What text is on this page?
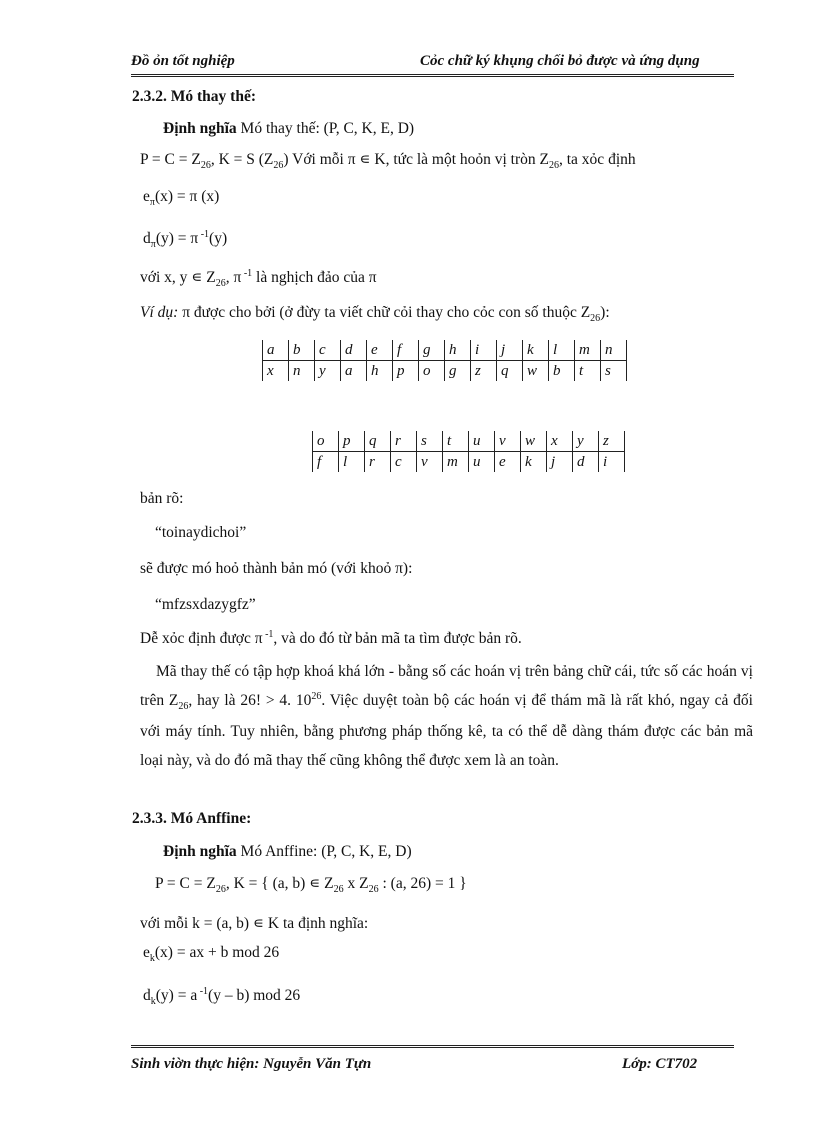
Đồ ỏn tốt nghiệp	Cỏc chữ ký khụng chối bỏ được và ứng dụng
2.3.2. Mó thay thế:
Định nghĩa Mó thay thế: (P, C, K, E, D)
$P = C = Z_{26}$, K = S $(Z_{26})$ Với mỗi π ∊ K, tức là một hoỏn vị tròn $Z_{26}$, ta xỏc định
$e_\pi(x) = \pi$ (x)
$d_\pi(y) = \pi$ $^{-1}$(y)
với x, y ∊ $Z_{26}$, π $^{-1}$ là nghịch đảo của π
Ví dụ: π được cho bởi (ở đừy ta viết chữ cỏi thay cho cỏc con số thuộc $Z_{26}$):
a	b	c	d	e	f	g	h	i	j	k	l	m	n
x	n	y	a	h	p	o	g	z	q	w	b	t	s
o	p	q	r	s	t	u	v	w	x	y	z
f	l	r	c	v	m	u	e	k	j	d	i
bản rõ:
“toinaydichoi”
sẽ được mó hoỏ thành bản mó (với khoỏ π):
“mfzsxdazygfz”
Dễ xỏc định được π $^{-1}$, và do đó từ bản mã ta tìm được bản rõ.
Mã thay thế có tập hợp khoá khá lớn - bằng số các hoán vị trên bảng chữ cái, tức số các hoán vị trên $Z_{26}$, hay là 26! > 4. $10^{26}$. Việc duyệt toàn bộ các hoán vị để thám mã là rất khó, ngay cả đối với máy tính. Tuy nhiên, bằng phương pháp thống kê, ta có thể dễ dàng thám được các bản mã loại này, và do đó mã thay thế cũng không thể được xem là an toàn.
2.3.3. Mó Anffine:
Định nghĩa Mó Anffine: (P, C, K, E, D)
$P = C = Z_{26}$, K = { (a, b) ∊ $Z_{26}$ x $Z_{26}$ : (a, 26) = 1 }
với mỗi k = (a, b) ∊ K ta định nghĩa:
$e_k(x)$ = ax + b mod 26
$d_k(y) = a$ $^{-1}$(y – b) mod 26
Sinh viờn thực hiện: Nguyễn Văn Tựn	Lớp: CT702
